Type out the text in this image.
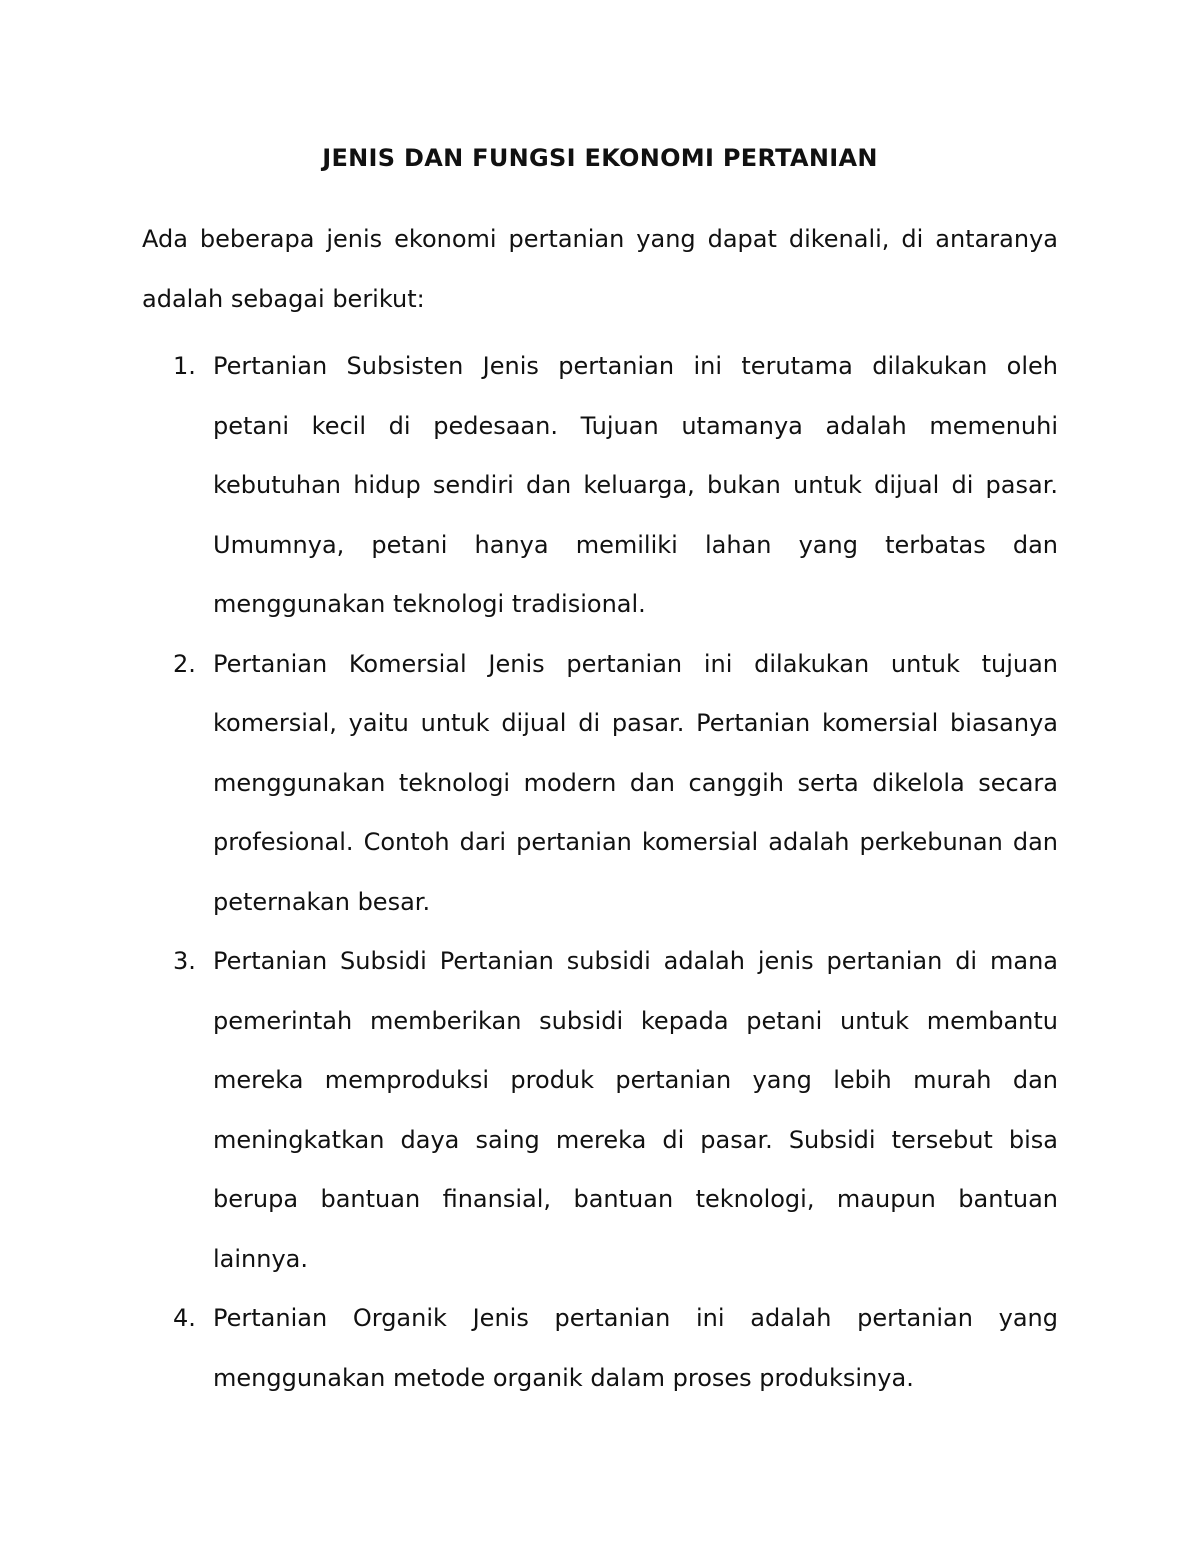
JENIS DAN FUNGSI EKONOMI PERTANIAN

Ada beberapa jenis ekonomi pertanian yang dapat dikenali, di antaranya adalah sebagai berikut:

1. Pertanian Subsisten Jenis pertanian ini terutama dilakukan oleh petani kecil di pedesaan. Tujuan utamanya adalah memenuhi kebutuhan hidup sendiri dan keluarga, bukan untuk dijual di pasar. Umumnya, petani hanya memiliki lahan yang terbatas dan menggunakan teknologi tradisional.
2. Pertanian Komersial Jenis pertanian ini dilakukan untuk tujuan komersial, yaitu untuk dijual di pasar. Pertanian komersial biasanya menggunakan teknologi modern dan canggih serta dikelola secara profesional. Contoh dari pertanian komersial adalah perkebunan dan peternakan besar.
3. Pertanian Subsidi Pertanian subsidi adalah jenis pertanian di mana pemerintah memberikan subsidi kepada petani untuk membantu mereka memproduksi produk pertanian yang lebih murah dan meningkatkan daya saing mereka di pasar. Subsidi tersebut bisa berupa bantuan finansial, bantuan teknologi, maupun bantuan lainnya.
4. Pertanian Organik Jenis pertanian ini adalah pertanian yang menggunakan metode organik dalam proses produksinya.
